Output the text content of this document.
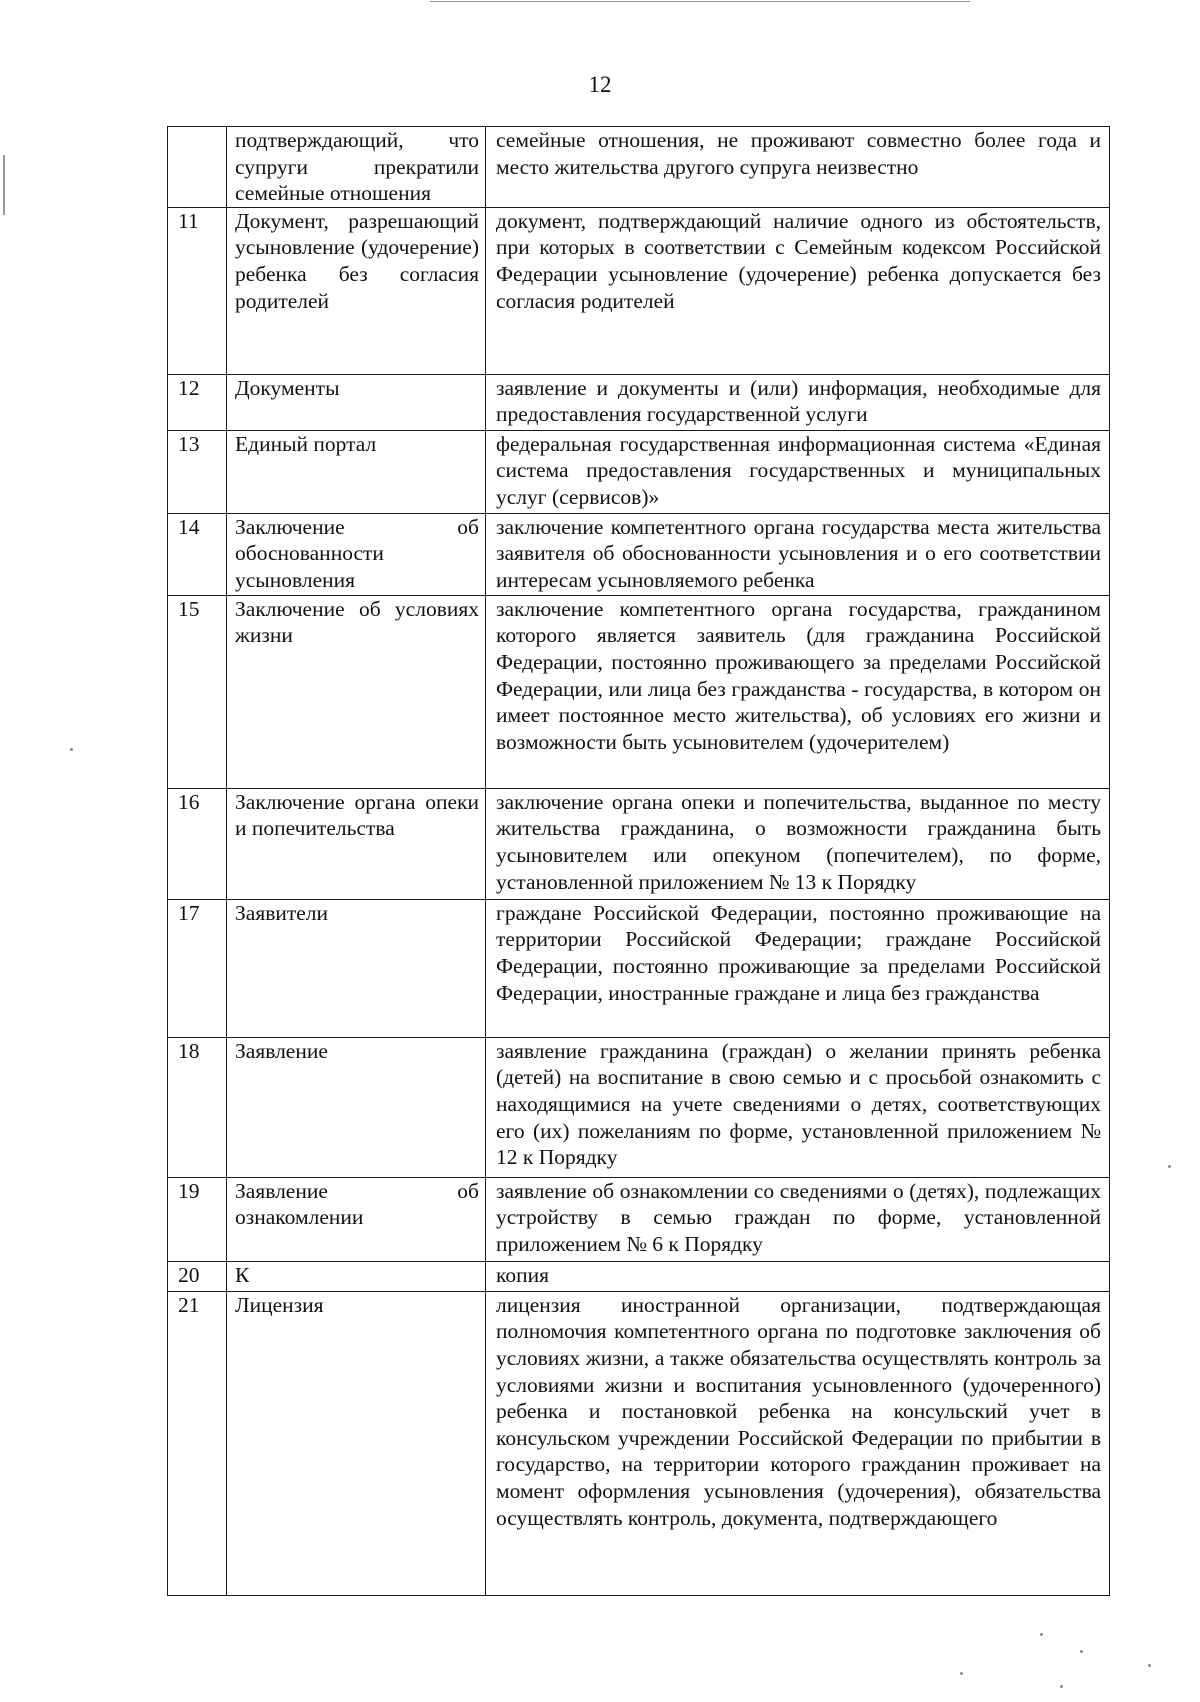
12
	подтверждающий, что супруги прекратили семейные отношения	семейные отношения, не проживают совместно более года и место жительства другого супруга неизвестно
11	Документ, разрешающий усыновление (удочерение) ребенка без согласия родителей	документ, подтверждающий наличие одного из обстоятельств, при которых в соответствии с Семейным кодексом Российской Федерации усыновление (удочерение) ребенка допускается без согласия родителей
12	Документы	заявление и документы и (или) информация, необходимые для предоставления государственной услуги
13	Единый портал	федеральная государственная информационная система «Единая система предоставления государственных и муниципальных услуг (сервисов)»
14	Заключение об обоснованности усыновления	заключение компетентного органа государства места жительства заявителя об обоснованности усыновления и о его соответствии интересам усыновляемого ребенка
15	Заключение об условиях жизни	заключение компетентного органа государства, гражданином которого является заявитель (для гражданина Российской Федерации, постоянно проживающего за пределами Российской Федерации, или лица без гражданства - государства, в котором он имеет постоянное место жительства), об условиях его жизни и возможности быть усыновителем (удочерителем)
16	Заключение органа опеки и попечительства	заключение органа опеки и попечительства, выданное по месту жительства гражданина, о возможности гражданина быть усыновителем или опекуном (попечителем), по форме, установленной приложением № 13 к Порядку
17	Заявители	граждане Российской Федерации, постоянно проживающие на территории Российской Федерации; граждане Российской Федерации, постоянно проживающие за пределами Российской Федерации, иностранные граждане и лица без гражданства
18	Заявление	заявление гражданина (граждан) о желании принять ребенка (детей) на воспитание в свою семью и с просьбой ознакомить с находящимися на учете сведениями о детях, соответствующих его (их) пожеланиям по форме, установленной приложением № 12 к Порядку
19	Заявление об ознакомлении	заявление об ознакомлении со сведениями о (детях), подлежащих устройству в семью граждан по форме, установленной приложением № 6 к Порядку
20	К	копия
21	Лицензия	лицензия иностранной организации, подтверждающая полномочия компетентного органа по подготовке заключения об условиях жизни, а также обязательства осуществлять контроль за условиями жизни и воспитания усыновленного (удочеренного) ребенка и постановкой ребенка на консульский учет в консульском учреждении Российской Федерации по прибытии в государство, на территории которого гражданин проживает на момент оформления усыновления (удочерения), обязательства осуществлять контроль, документа, подтверждающего
